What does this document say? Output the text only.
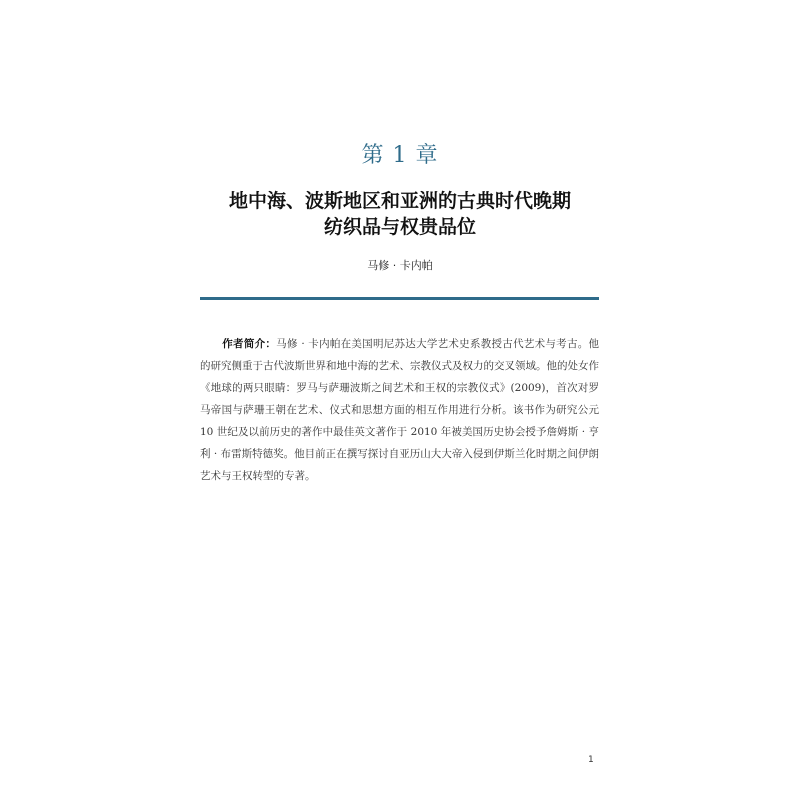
第 1 章
地中海、波斯地区和亚洲的古典时代晚期
纺织品与权贵品位
马修 · 卡内帕
作者简介：马修 · 卡内帕在美国明尼苏达大学艺术史系教授古代艺术与考古。他的研究侧重于古代波斯世界和地中海的艺术、宗教仪式及权力的交叉领域。他的处女作《地球的两只眼睛：罗马与萨珊波斯之间艺术和王权的宗教仪式》(2009)，首次对罗马帝国与萨珊王朝在艺术、仪式和思想方面的相互作用进行分析。该书作为研究公元 10 世纪及以前历史的著作中最佳英文著作于 2010 年被美国历史协会授予詹姆斯 · 亨利 · 布雷斯特德奖。他目前正在撰写探讨自亚历山大大帝入侵到伊斯兰化时期之间伊朗艺术与王权转型的专著。
1
